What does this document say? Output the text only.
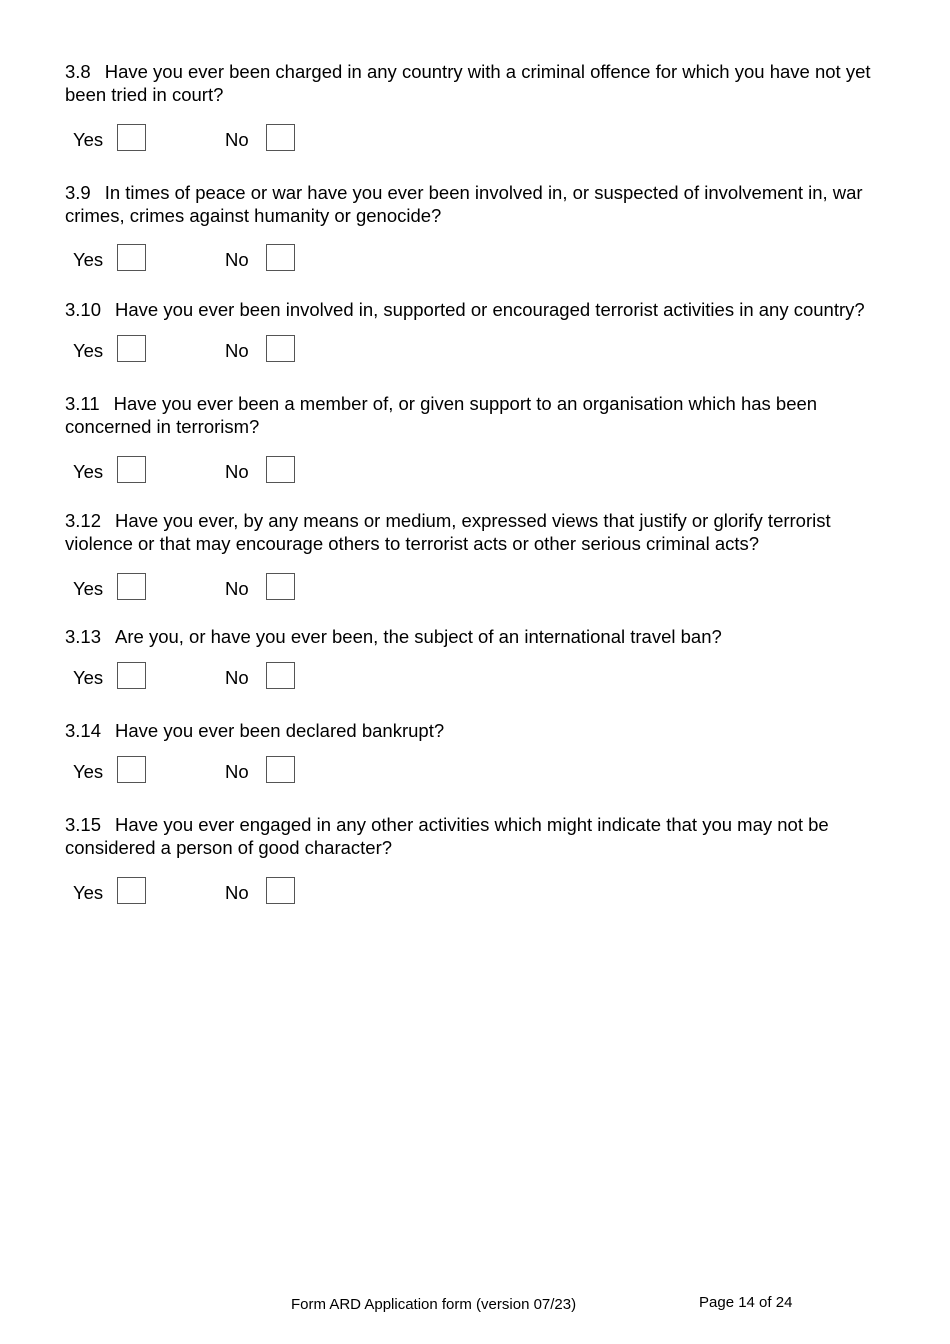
3.8 Have you ever been charged in any country with a criminal offence for which you have not yet been tried in court?

Yes	No

3.9 In times of peace or war have you ever been involved in, or suspected of involvement in, war crimes, crimes against humanity or genocide?

Yes	No

3.10 Have you ever been involved in, supported or encouraged terrorist activities in any country?

Yes	No

3.11 Have you ever been a member of, or given support to an organisation which has been concerned in terrorism?

Yes	No

3.12 Have you ever, by any means or medium, expressed views that justify or glorify terrorist violence or that may encourage others to terrorist acts or other serious criminal acts?

Yes	No

3.13 Are you, or have you ever been, the subject of an international travel ban?

Yes	No

3.14 Have you ever been declared bankrupt?

Yes	No

3.15 Have you ever engaged in any other activities which might indicate that you may not be considered a person of good character?

Yes	No
Form ARD Application form (version 07/23)	Page 14 of 24
